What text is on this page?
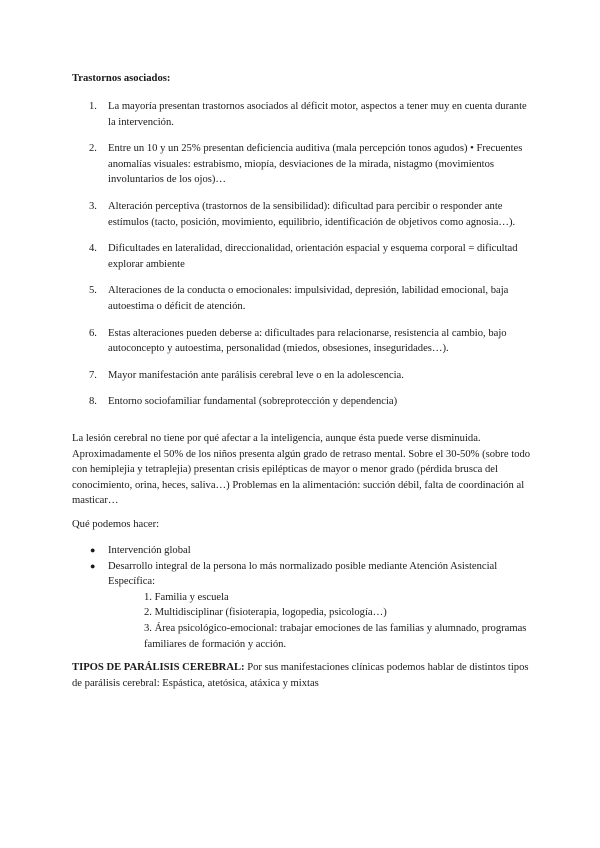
Trastornos asociados:

1. La mayoría presentan trastornos asociados al déficit motor, aspectos a tener muy en cuenta durante la intervención.
2. Entre un 10 y un 25% presentan deficiencia auditiva (mala percepción tonos agudos) • Frecuentes anomalías visuales: estrabismo, miopía, desviaciones de la mirada, nistagmo (movimientos involuntarios de los ojos)…
3. Alteración perceptiva (trastornos de la sensibilidad): dificultad para percibir o responder ante estímulos (tacto, posición, movimiento, equilibrio, identificación de objetivos como agnosia…).
4. Dificultades en lateralidad, direccionalidad, orientación espacial y esquema corporal = dificultad explorar ambiente
5. Alteraciones de la conducta o emocionales: impulsividad, depresión, labilidad emocional, baja autoestima o déficit de atención.
6. Estas alteraciones pueden deberse a: dificultades para relacionarse, resistencia al cambio, bajo autoconcepto y autoestima, personalidad (miedos, obsesiones, inseguridades…).
7. Mayor manifestación ante parálisis cerebral leve o en la adolescencia.
8. Entorno sociofamiliar fundamental (sobreprotección y dependencia)

La lesión cerebral no tiene por qué afectar a la inteligencia, aunque ésta puede verse disminuida. Aproximadamente el 50% de los niños presenta algún grado de retraso mental. Sobre el 30-50% (sobre todo con hemiplejia y tetraplejia) presentan crisis epilépticas de mayor o menor grado (pérdida brusca del conocimiento, orina, heces, saliva…) Problemas en la alimentación: succión débil, falta de coordinación al masticar…

Qué podemos hacer:

● Intervención global
● Desarrollo integral de la persona lo más normalizado posible mediante Atención Asistencial Específica:
1. Familia y escuela
2. Multidisciplinar (fisioterapia, logopedia, psicología…)
3. Área psicológico-emocional: trabajar emociones de las familias y alumnado, programas familiares de formación y acción.

TIPOS DE PARÁLISIS CEREBRAL: Por sus manifestaciones clínicas podemos hablar de distintos tipos de parálisis cerebral: Espástica, atetósica, atáxica y mixtas
